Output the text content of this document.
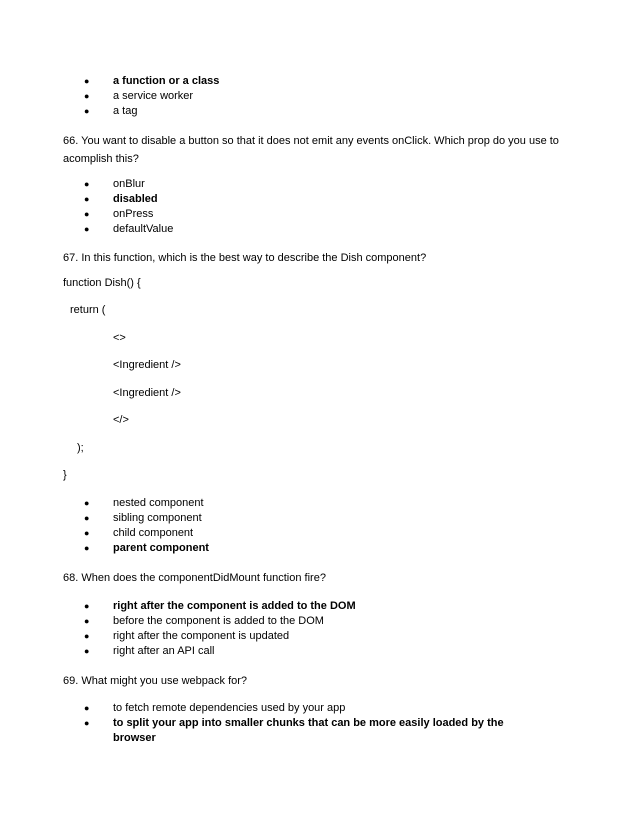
● a function or a class
● a service worker
● a tag
66. You want to disable a button so that it does not emit any events onClick. Which prop do you use to acomplish this?
● onBlur
● disabled
● onPress
● defaultValue
67. In this function, which is the best way to describe the Dish component?
function Dish() {
return (
<>
<Ingredient />
<Ingredient />
</>
);
}
● nested component
● sibling component
● child component
● parent component
68. When does the componentDidMount function fire?
● right after the component is added to the DOM
● before the component is added to the DOM
● right after the component is updated
● right after an API call
69. What might you use webpack for?
● to fetch remote dependencies used by your app
● to split your app into smaller chunks that can be more easily loaded by the
browser
